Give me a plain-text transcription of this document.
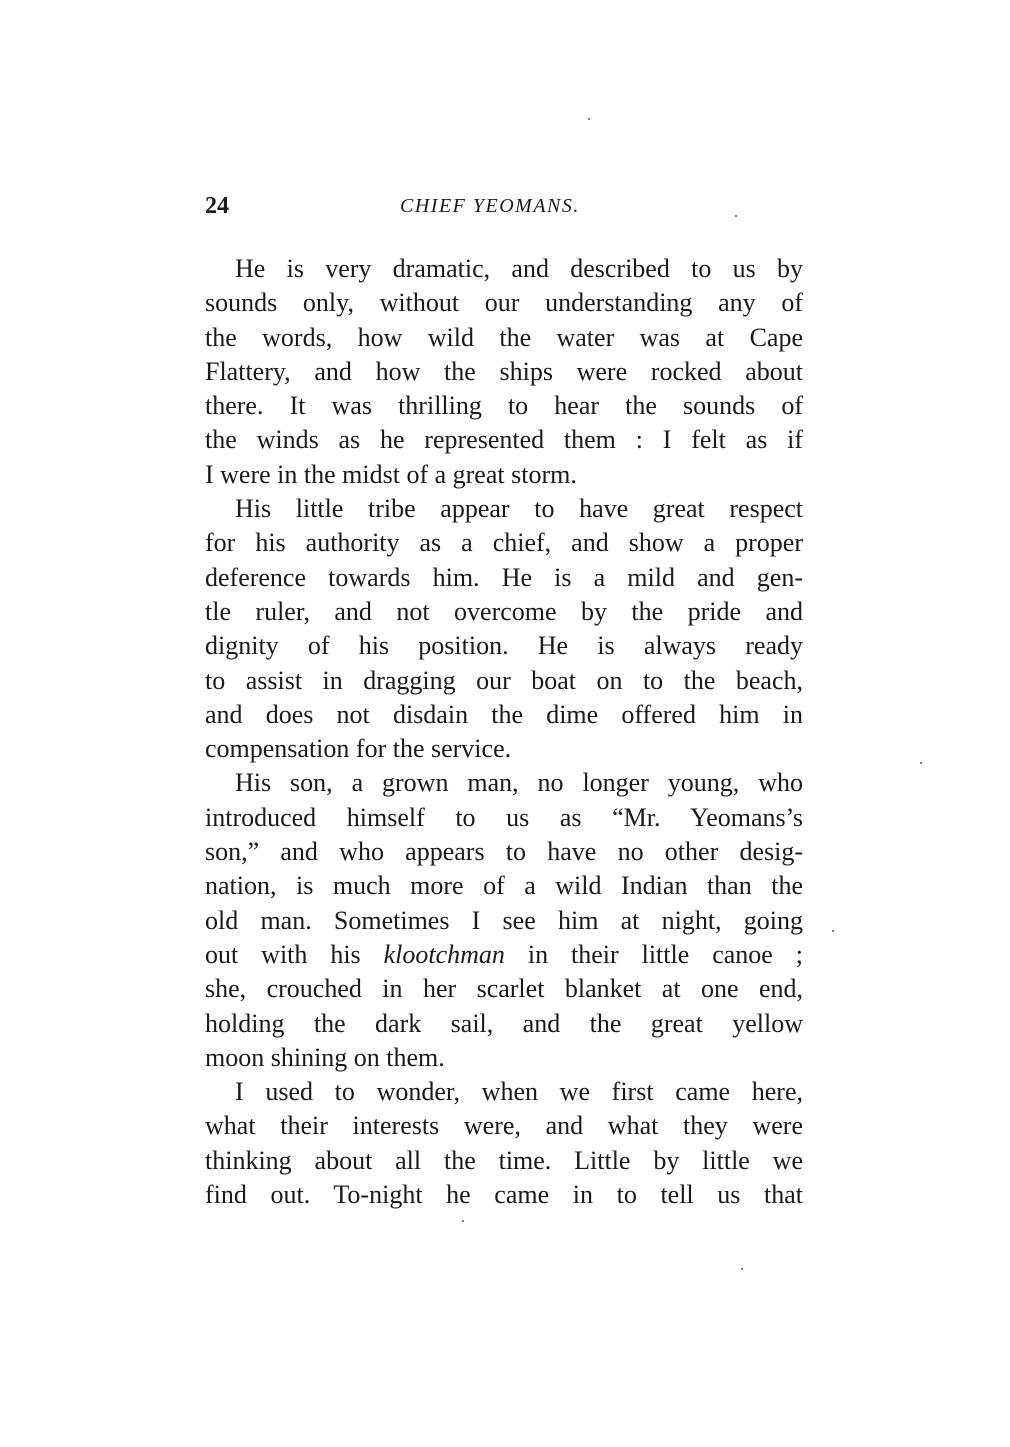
24	CHIEF YEOMANS.
He is very dramatic, and described to us by
sounds only, without our understanding any of
the words, how wild the water was at Cape
Flattery, and how the ships were rocked about
there. It was thrilling to hear the sounds of
the winds as he represented them : I felt as if
I were in the midst of a great storm.
His little tribe appear to have great respect
for his authority as a chief, and show a proper
deference towards him. He is a mild and gen-
tle ruler, and not overcome by the pride and
dignity of his position. He is always ready
to assist in dragging our boat on to the beach,
and does not disdain the dime offered him in
compensation for the service.
His son, a grown man, no longer young, who
introduced himself to us as “Mr. Yeomans’s
son,” and who appears to have no other desig-
nation, is much more of a wild Indian than the
old man. Sometimes I see him at night, going
out with his klootchman in their little canoe ;
she, crouched in her scarlet blanket at one end,
holding the dark sail, and the great yellow
moon shining on them.
I used to wonder, when we first came here,
what their interests were, and what they were
thinking about all the time. Little by little we
find out. To-night he came in to tell us that
